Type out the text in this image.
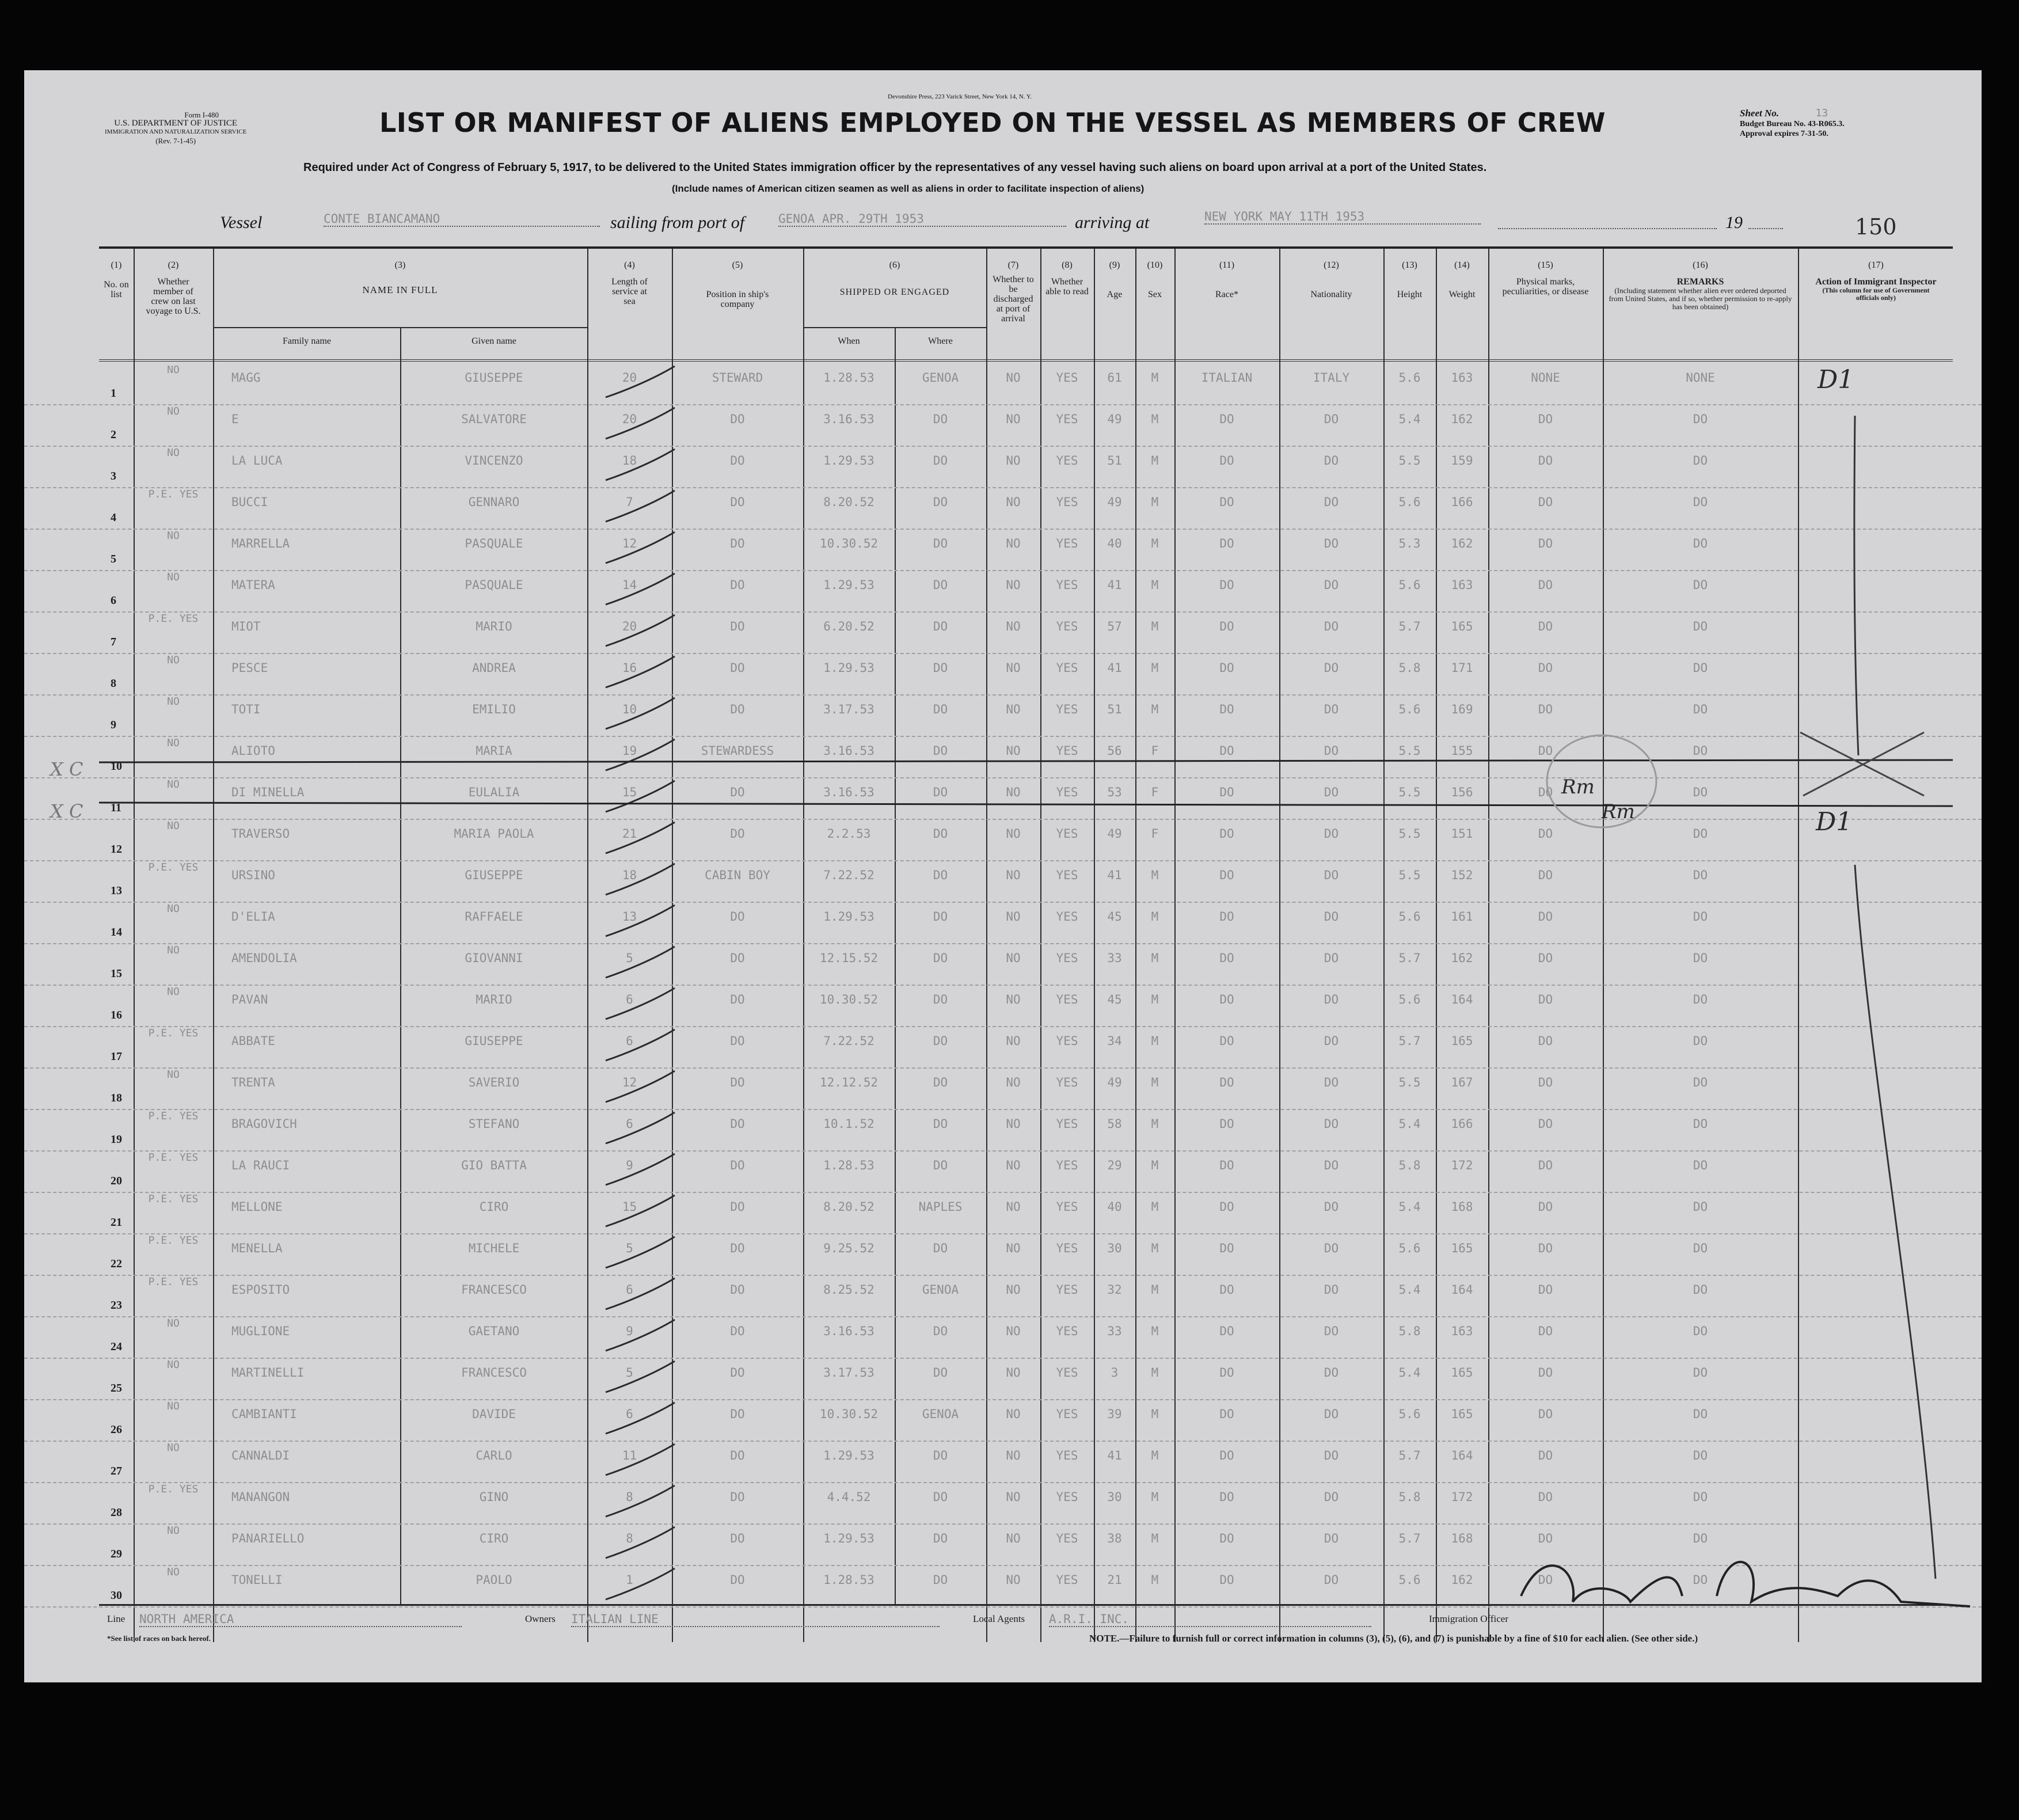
Form I-480
U.S. DEPARTMENT OF JUSTICE
IMMIGRATION AND NATURALIZATION SERVICE
(Rev. 7-1-45)
Devonshire Press, 223 Varick Street, New York 14, N. Y.
LIST OR MANIFEST OF ALIENS EMPLOYED ON THE VESSEL AS MEMBERS OF CREW	Sheet No.	13
Budget Bureau No. 43-R065.3.
Approval expires 7-31-50.
Required under Act of Congress of February 5, 1917, to be delivered to the United States immigration officer by the representatives of any vessel having such aliens on board upon arrival at a port of the United States.
(Include names of American citizen seamen as well as aliens in order to facilitate inspection of aliens)
Vessel	CONTE BIANCAMANO	sailing from port of	GENOA APR. 29TH 1953	arriving at	NEW YORK MAY 11TH 1953	19	150
(1)

No. on list
(2)
Whether member of crew on last voyage to U.S.
(3)
NAME IN FULL
Family name	Given name
(4)
Length of service at sea
(5)
Position in ship's company
(6)
SHIPPED OR ENGAGED
When	Where
(7)
Whether to be discharged at port of arrival
(8)
Whether able to read
(9)
Age
(10)
Sex
(11)
Race*
(12)
Nationality
(13)
Height
(14)
Weight
(15)
Physical marks, peculiarities, or disease
(16)
REMARKS
(Including statement whether alien ever ordered deported from United States, and if so, whether permission to re-apply has been obtained)
(17)
Action of Immigrant Inspector
(This column for use of Government officials only)
1
NO
MAGG	GIUSEPPE	20	STEWARD	1.28.53	GENOA	NO	YES	61	M	ITALIAN	ITALY	5.6	163	NONE	NONE
2
NO
E	SALVATORE	20	DO	3.16.53	DO	NO	YES	49	M	DO	DO	5.4	162	DO	DO
3
NO
LA LUCA	VINCENZO	18	DO	1.29.53	DO	NO	YES	51	M	DO	DO	5.5	159	DO	DO
4
P.E. YES
BUCCI	GENNARO	7	DO	8.20.52	DO	NO	YES	49	M	DO	DO	5.6	166	DO	DO
5
NO
MARRELLA	PASQUALE	12	DO	10.30.52	DO	NO	YES	40	M	DO	DO	5.3	162	DO	DO
6
NO
MATERA	PASQUALE	14	DO	1.29.53	DO	NO	YES	41	M	DO	DO	5.6	163	DO	DO
7
P.E. YES
MIOT	MARIO	20	DO	6.20.52	DO	NO	YES	57	M	DO	DO	5.7	165	DO	DO
8
NO
PESCE	ANDREA	16	DO	1.29.53	DO	NO	YES	41	M	DO	DO	5.8	171	DO	DO
9
NO
TOTI	EMILIO	10	DO	3.17.53	DO	NO	YES	51	M	DO	DO	5.6	169	DO	DO
10
NO
ALIOTO	MARIA	19	STEWARDESS	3.16.53	DO	NO	YES	56	F	DO	DO	5.5	155	DO	DO
11
NO
DI MINELLA	EULALIA	15	DO	3.16.53	DO	NO	YES	53	F	DO	DO	5.5	156	DO	DO
12
NO
TRAVERSO	MARIA PAOLA	21	DO	2.2.53	DO	NO	YES	49	F	DO	DO	5.5	151	DO	DO
13
P.E. YES
URSINO	GIUSEPPE	18	CABIN BOY	7.22.52	DO	NO	YES	41	M	DO	DO	5.5	152	DO	DO
14
NO
D'ELIA	RAFFAELE	13	DO	1.29.53	DO	NO	YES	45	M	DO	DO	5.6	161	DO	DO
15
NO
AMENDOLIA	GIOVANNI	5	DO	12.15.52	DO	NO	YES	33	M	DO	DO	5.7	162	DO	DO
16
NO
PAVAN	MARIO	6	DO	10.30.52	DO	NO	YES	45	M	DO	DO	5.6	164	DO	DO
17
P.E. YES
ABBATE	GIUSEPPE	6	DO	7.22.52	DO	NO	YES	34	M	DO	DO	5.7	165	DO	DO
18
NO
TRENTA	SAVERIO	12	DO	12.12.52	DO	NO	YES	49	M	DO	DO	5.5	167	DO	DO
19
P.E. YES
BRAGOVICH	STEFANO	6	DO	10.1.52	DO	NO	YES	58	M	DO	DO	5.4	166	DO	DO
20
P.E. YES
LA RAUCI	GIO BATTA	9	DO	1.28.53	DO	NO	YES	29	M	DO	DO	5.8	172	DO	DO
21
P.E. YES
MELLONE	CIRO	15	DO	8.20.52	NAPLES	NO	YES	40	M	DO	DO	5.4	168	DO	DO
22
P.E. YES
MENELLA	MICHELE	5	DO	9.25.52	DO	NO	YES	30	M	DO	DO	5.6	165	DO	DO
23
P.E. YES
ESPOSITO	FRANCESCO	6	DO	8.25.52	GENOA	NO	YES	32	M	DO	DO	5.4	164	DO	DO
24
NO
MUGLIONE	GAETANO	9	DO	3.16.53	DO	NO	YES	33	M	DO	DO	5.8	163	DO	DO
25
NO
MARTINELLI	FRANCESCO	5	DO	3.17.53	DO	NO	YES	3	M	DO	DO	5.4	165	DO	DO
26
NO
CAMBIANTI	DAVIDE	6	DO	10.30.52	GENOA	NO	YES	39	M	DO	DO	5.6	165	DO	DO
27
NO
CANNALDI	CARLO	11	DO	1.29.53	DO	NO	YES	41	M	DO	DO	5.7	164	DO	DO
28
P.E. YES
MANANGON	GINO	8	DO	4.4.52	DO	NO	YES	30	M	DO	DO	5.8	172	DO	DO
29
NO
PANARIELLO	CIRO	8	DO	1.29.53	DO	NO	YES	38	M	DO	DO	5.7	168	DO	DO
30
NO
TONELLI	PAOLO	1	DO	1.28.53	DO	NO	YES	21	M	DO	DO	5.6	162	DO	DO
D1
D1
X C
X C
Rm
Rm
Line NORTH AMERICA	Owners ITALIAN LINE	Local Agents A.R.I. INC.	Immigration Officer
*See list of races on back hereof.	NOTE.—Failure to furnish full or correct information in columns (3), (5), (6), and (7) is punishable by a fine of $10 for each alien. (See other side.)
